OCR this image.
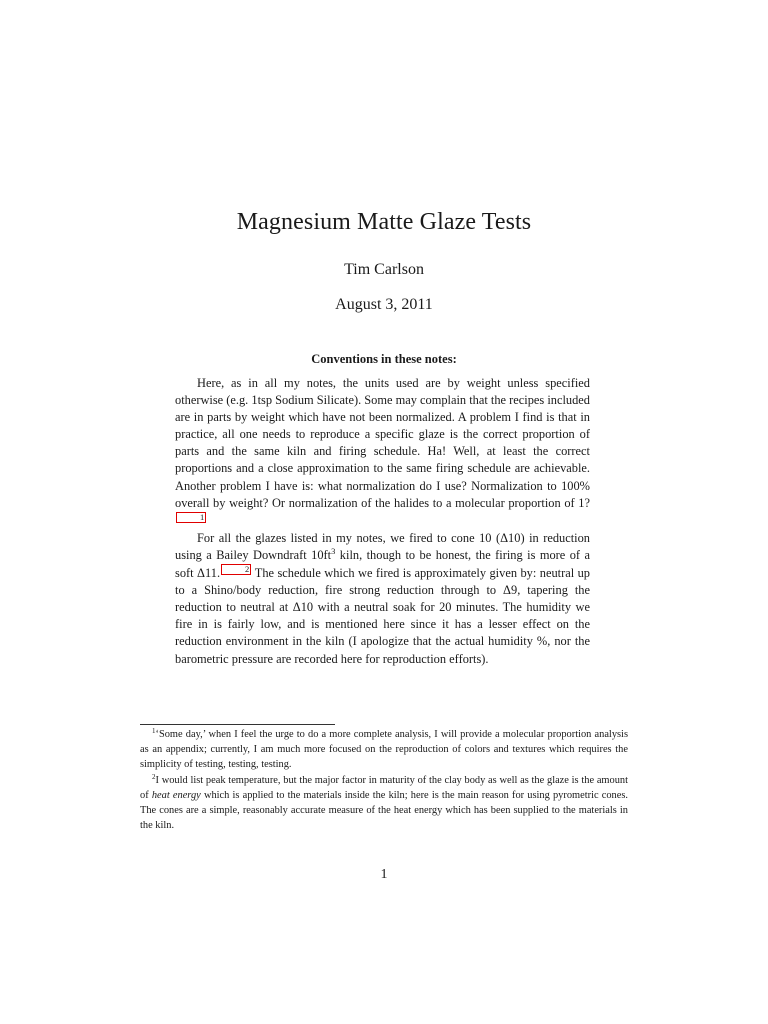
Magnesium Matte Glaze Tests
Tim Carlson
August 3, 2011
Conventions in these notes:

Here, as in all my notes, the units used are by weight unless specified otherwise (e.g. 1tsp Sodium Silicate). Some may complain that the recipes included are in parts by weight which have not been normalized. A problem I find is that in practice, all one needs to reproduce a specific glaze is the correct proportion of parts and the same kiln and firing schedule. Ha! Well, at least the correct proportions and a close approximation to the same firing schedule are achievable. Another problem I have is: what normalization do I use? Normalization to 100% overall by weight? Or normalization of the halides to a molecular proportion of 1?1

For all the glazes listed in my notes, we fired to cone 10 (Δ10) in reduction using a Bailey Downdraft $10ft^3$ kiln, though to be honest, the firing is more of a soft Δ11.	2 The schedule which we fired is approximately given by: neutral up to a Shino/body reduction, fire strong reduction through to Δ9, tapering the reduction to neutral at Δ10 with a neutral soak for 20 minutes. The humidity we fire in is fairly low, and is mentioned here since it has a lesser effect on the reduction environment in the kiln (I apologize that the actual humidity %, nor the barometric pressure are recorded here for reproduction efforts).

$^1$‘Some day,’ when I feel the urge to do a more complete analysis, I will provide a molecular proportion analysis as an appendix; currently, I am much more focused on the reproduction of colors and textures which requires the simplicity of testing, testing, testing.

$^2$I would list peak temperature, but the major factor in maturity of the clay body as well as the glaze is the amount of heat energy which is applied to the materials inside the kiln; here is the main reason for using pyrometric cones. The cones are a simple, reasonably accurate measure of the heat energy which has been supplied to the materials in the kiln.

1
